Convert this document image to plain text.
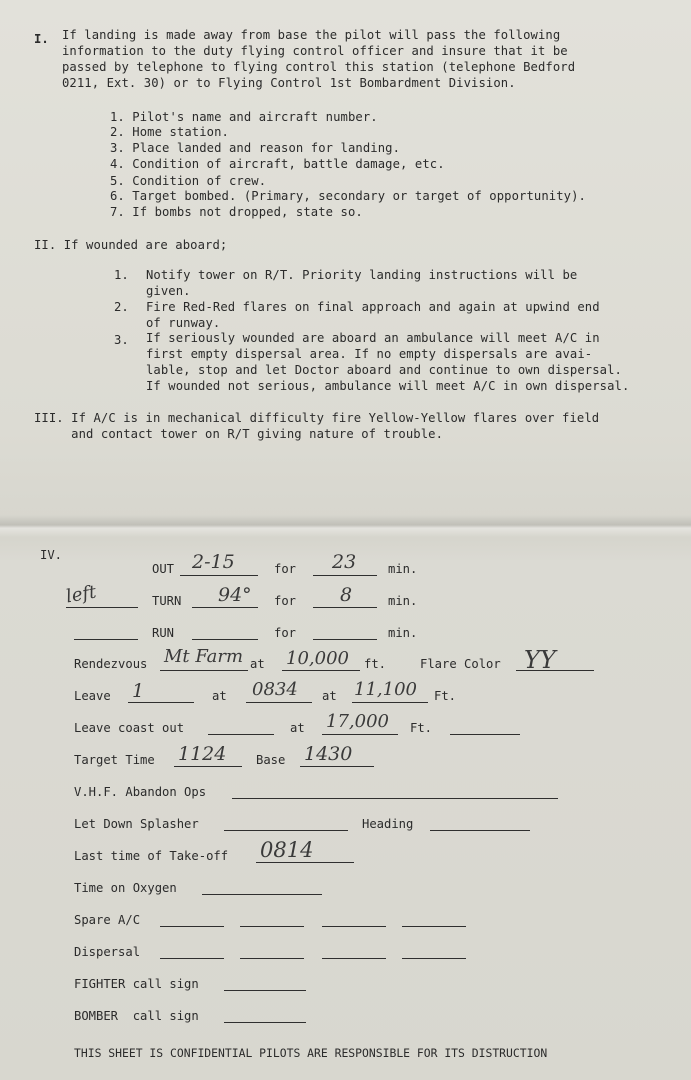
I. If landing is made away from base the pilot will pass the following
information to the duty flying control officer and insure that it be
passed by telephone to flying control this station (telephone Bedford
0211, Ext. 30) or to Flying Control 1st Bombardment Division.
1. Pilot's name and aircraft number.
2. Home station.
3. Place landed and reason for landing.
4. Condition of aircraft, battle damage, etc.
5. Condition of crew.
6. Target bombed. (Primary, secondary or target of opportunity).
7. If bombs not dropped, state so.
II. If wounded are aboard;
1. Notify tower on R/T. Priority landing instructions will be
given.
2. Fire Red-Red flares on final approach and again at upwind end
of runway.
3. If seriously wounded are aboard an ambulance will meet A/C in
first empty dispersal area. If no empty dispersals are avai-
lable, stop and let Doctor aboard and continue to own dispersal.
If wounded not serious, ambulance will meet A/C in own dispersal.
III. If A/C is in mechanical difficulty fire Yellow-Yellow flares over field
and contact tower on R/T giving nature of trouble.
IV.
OUT 2-15	for 23	min.
left	TURN 94° for 8	min.
RUN	for	min.
Rendezvous Mt Farm at 10,000 ft.	Flare Color YY
Leave 1	at 0834 at 11,100 Ft.
Leave coast out	at 17,000 Ft.
Target Time 1124 Base 1430
V.H.F. Abandon Ops
Let Down Splasher	Heading
Last time of Take-off 0814
Time on Oxygen
Spare A/C
Dispersal
FIGHTER call sign
BOMBER  call sign
THIS SHEET IS CONFIDENTIAL PILOTS ARE RESPONSIBLE FOR ITS DISTRUCTION
